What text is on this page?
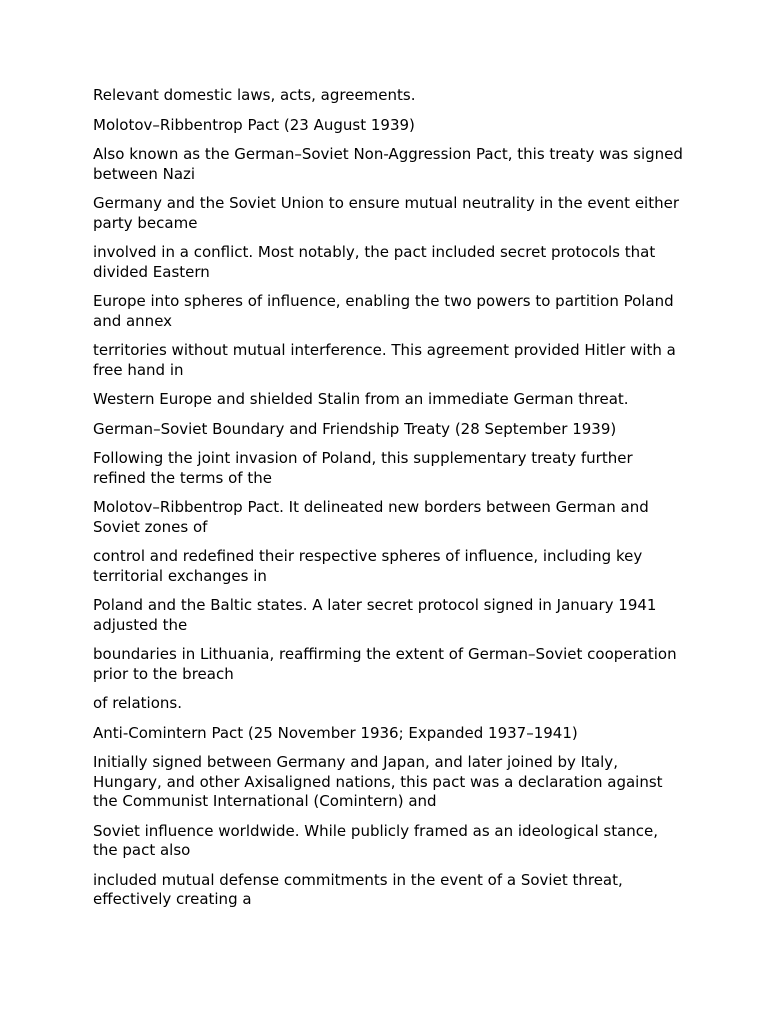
Relevant domestic laws, acts, agreements.

Molotov–Ribbentrop Pact (23 August 1939)

Also known as the German–Soviet Non-Aggression Pact, this treaty was signed between Nazi

Germany and the Soviet Union to ensure mutual neutrality in the event either party became

involved in a conflict. Most notably, the pact included secret protocols that divided Eastern

Europe into spheres of influence, enabling the two powers to partition Poland and annex

territories without mutual interference. This agreement provided Hitler with a free hand in

Western Europe and shielded Stalin from an immediate German threat.

German–Soviet Boundary and Friendship Treaty (28 September 1939)

Following the joint invasion of Poland, this supplementary treaty further refined the terms of the

Molotov–Ribbentrop Pact. It delineated new borders between German and Soviet zones of

control and redefined their respective spheres of influence, including key territorial exchanges in

Poland and the Baltic states. A later secret protocol signed in January 1941 adjusted the

boundaries in Lithuania, reaffirming the extent of German–Soviet cooperation prior to the breach

of relations.

Anti-Comintern Pact (25 November 1936; Expanded 1937–1941)

Initially signed between Germany and Japan, and later joined by Italy, Hungary, and other Axisaligned nations, this pact was a declaration against the Communist International (Comintern) and

Soviet influence worldwide. While publicly framed as an ideological stance, the pact also

included mutual defense commitments in the event of a Soviet threat, effectively creating a
